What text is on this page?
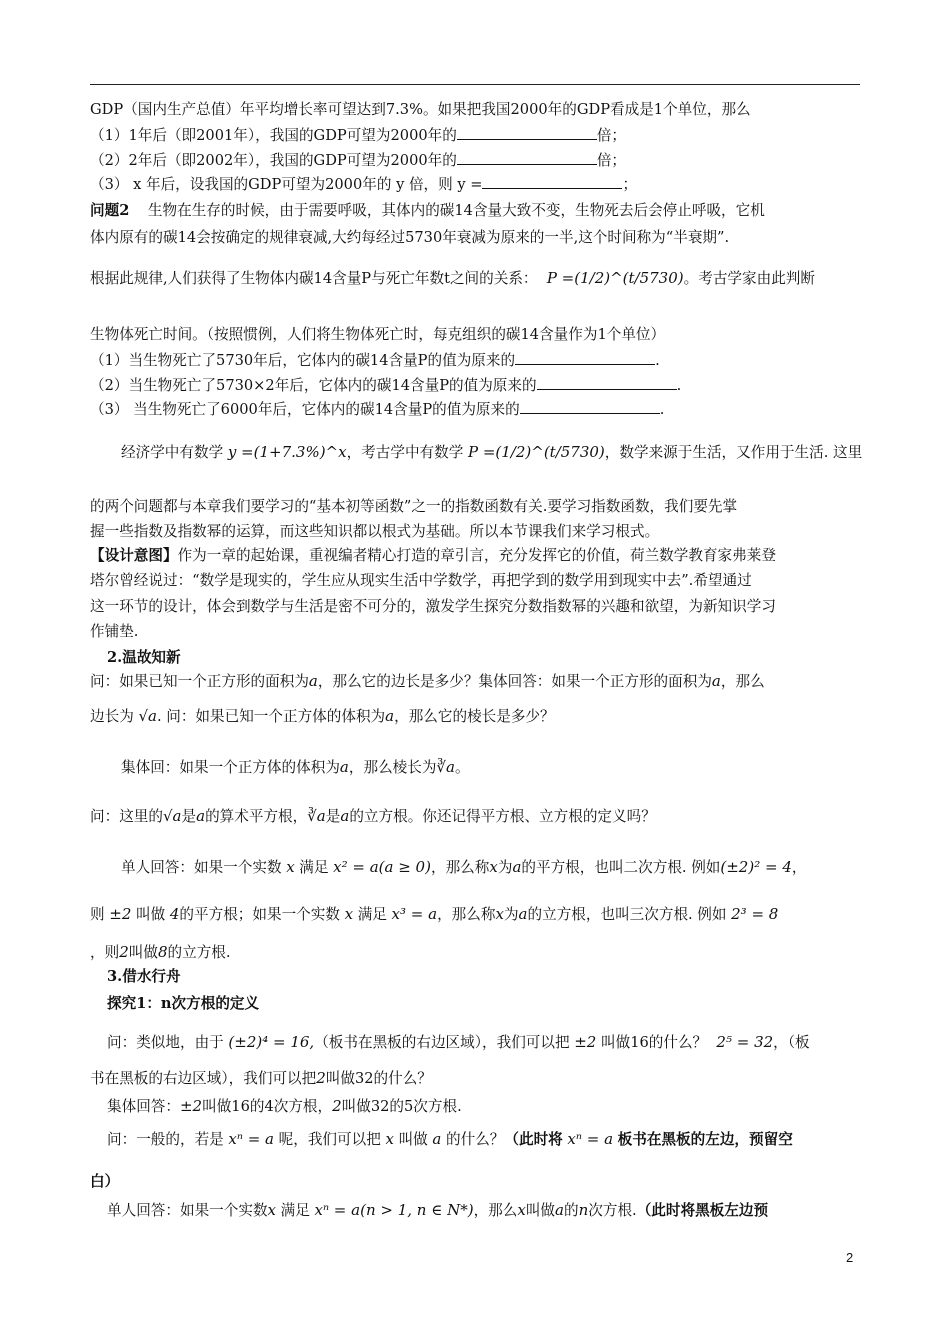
GDP（国内生产总值）年平均增长率可望达到7.3%。如果把我国2000年的GDP看成是1个单位，那么
（1）1年后（即2001年），我国的GDP可望为2000年的	倍；
（2）2年后（即2002年），我国的GDP可望为2000年的	倍；
（3） x 年后，设我国的GDP可望为2000年的 y 倍，则 y =	；
问题2 生物在生存的时候，由于需要呼吸，其体内的碳14含量大致不变，生物死去后会停止呼吸，它机
体内原有的碳14会按确定的规律衰减,大约每经过5730年衰减为原来的一半,这个时间称为“半衰期”.
根据此规律,人们获得了生物体内碳14含量P与死亡年数t之间的关系： P =(1/2)^(t/5730)。考古学家由此判断
生物体死亡时间。（按照惯例，人们将生物体死亡时，每克组织的碳14含量作为1个单位）
（1）当生物死亡了5730年后，它体内的碳14含量P的值为原来的	.
（2）当生物死亡了5730×2年后，它体内的碳14含量P的值为原来的	.
（3） 当生物死亡了6000年后，它体内的碳14含量P的值为原来的	.
经济学中有数学 y =(1+7.3%)^x，考古学中有数学 P =(1/2)^(t/5730)，数学来源于生活，又作用于生活. 这里
的两个问题都与本章我们要学习的“基本初等函数”之一的指数函数有关.要学习指数函数，我们要先掌
握一些指数及指数幂的运算，而这些知识都以根式为基础。所以本节课我们来学习根式。
【设计意图】作为一章的起始课，重视编者精心打造的章引言，充分发挥它的价值，荷兰数学教育家弗莱登
塔尔曾经说过：“数学是现实的，学生应从现实生活中学数学，再把学到的数学用到现实中去”.希望通过
这一环节的设计，体会到数学与生活是密不可分的，激发学生探究分数指数幂的兴趣和欲望，为新知识学习
作铺垫.
2.温故知新
问：如果已知一个正方形的面积为a，那么它的边长是多少？集体回答：如果一个正方形的面积为a，那么
边长为 √a. 问：如果已知一个正方体的体积为a，那么它的棱长是多少？
集体回：如果一个正方体的体积为a，那么棱长为∛a。
问：这里的√a是a的算术平方根，∛a是a的立方根。你还记得平方根、立方根的定义吗？
单人回答：如果一个实数 x 满足 x² = a(a ≥ 0)，那么称x为a的平方根，也叫二次方根. 例如(±2)² = 4，
则 ±2 叫做 4的平方根；如果一个实数 x 满足 x³ = a，那么称x为a的立方根，也叫三次方根. 例如 2³ = 8
，则2叫做8的立方根.
3.借水行舟
探究1：n次方根的定义
问：类似地，由于 (±2)⁴ = 16,（板书在黑板的右边区域），我们可以把 ±2 叫做16的什么？ 2⁵ = 32，（板
书在黑板的右边区域），我们可以把2叫做32的什么？
集体回答：±2叫做16的4次方根，2叫做32的5次方根.
问：一般的，若是 xⁿ = a 呢，我们可以把 x 叫做 a 的什么？（此时将 xⁿ = a 板书在黑板的左边，预留空
白）
单人回答：如果一个实数x 满足 xⁿ = a(n > 1, n ∈ N*)，那么x叫做a的n次方根.（此时将黑板左边预
2
